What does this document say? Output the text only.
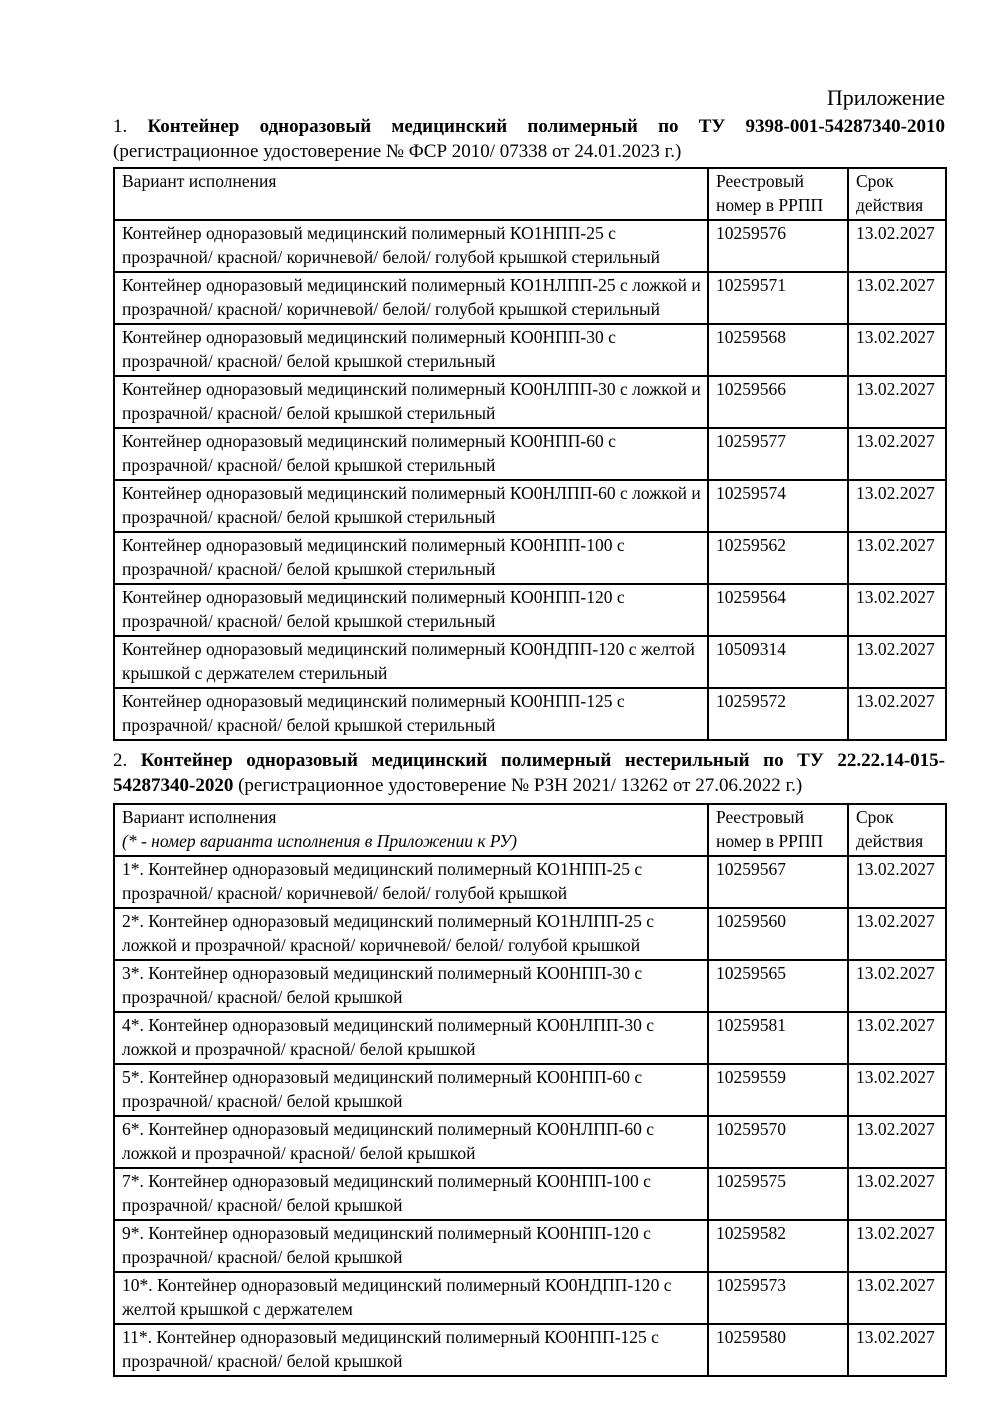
Приложение

1. Контейнер одноразовый медицинский полимерный по ТУ 9398-001-54287340-2010 (регистрационное удостоверение № ФСР 2010/ 07338 от 24.01.2023 г.)

Вариант исполнения	Реестровый номер в РРПП	Срок действия
Контейнер одноразовый медицинский полимерный КО1НПП-25 с прозрачной/ красной/ коричневой/ белой/ голубой крышкой стерильный	10259576	13.02.2027
Контейнер одноразовый медицинский полимерный КО1НЛПП-25 с ложкой и прозрачной/ красной/ коричневой/ белой/ голубой крышкой стерильный	10259571	13.02.2027
Контейнер одноразовый медицинский полимерный КО0НПП-30 с прозрачной/ красной/ белой крышкой стерильный	10259568	13.02.2027
Контейнер одноразовый медицинский полимерный КО0НЛПП-30 с ложкой и прозрачной/ красной/ белой крышкой стерильный	10259566	13.02.2027
Контейнер одноразовый медицинский полимерный КО0НПП-60 с прозрачной/ красной/ белой крышкой стерильный	10259577	13.02.2027
Контейнер одноразовый медицинский полимерный КО0НЛПП-60 с ложкой и прозрачной/ красной/ белой крышкой стерильный	10259574	13.02.2027
Контейнер одноразовый медицинский полимерный КО0НПП-100 с прозрачной/ красной/ белой крышкой стерильный	10259562	13.02.2027
Контейнер одноразовый медицинский полимерный КО0НПП-120 с прозрачной/ красной/ белой крышкой стерильный	10259564	13.02.2027
Контейнер одноразовый медицинский полимерный КО0НДПП-120 с желтой крышкой с держателем стерильный	10509314	13.02.2027
Контейнер одноразовый медицинский полимерный КО0НПП-125 с прозрачной/ красной/ белой крышкой стерильный	10259572	13.02.2027

2. Контейнер одноразовый медицинский полимерный нестерильный по ТУ 22.22.14-015-54287340-2020 (регистрационное удостоверение № РЗН 2021/ 13262 от 27.06.2022 г.)

Вариант исполнения
(* - номер варианта исполнения в Приложении к РУ)	Реестровый номер в РРПП	Срок действия
1*. Контейнер одноразовый медицинский полимерный КО1НПП-25 с прозрачной/ красной/ коричневой/ белой/ голубой крышкой	10259567	13.02.2027
2*. Контейнер одноразовый медицинский полимерный КО1НЛПП-25 с ложкой и прозрачной/ красной/ коричневой/ белой/ голубой крышкой	10259560	13.02.2027
3*. Контейнер одноразовый медицинский полимерный КО0НПП-30 с прозрачной/ красной/ белой крышкой	10259565	13.02.2027
4*. Контейнер одноразовый медицинский полимерный КО0НЛПП-30 с ложкой и прозрачной/ красной/ белой крышкой	10259581	13.02.2027
5*. Контейнер одноразовый медицинский полимерный КО0НПП-60 с прозрачной/ красной/ белой крышкой	10259559	13.02.2027
6*. Контейнер одноразовый медицинский полимерный КО0НЛПП-60 с ложкой и прозрачной/ красной/ белой крышкой	10259570	13.02.2027
7*. Контейнер одноразовый медицинский полимерный КО0НПП-100 с прозрачной/ красной/ белой крышкой	10259575	13.02.2027
9*. Контейнер одноразовый медицинский полимерный КО0НПП-120 с прозрачной/ красной/ белой крышкой	10259582	13.02.2027
10*. Контейнер одноразовый медицинский полимерный КО0НДПП-120 с желтой крышкой с держателем	10259573	13.02.2027
11*. Контейнер одноразовый медицинский полимерный КО0НПП-125 с прозрачной/ красной/ белой крышкой	10259580	13.02.2027
